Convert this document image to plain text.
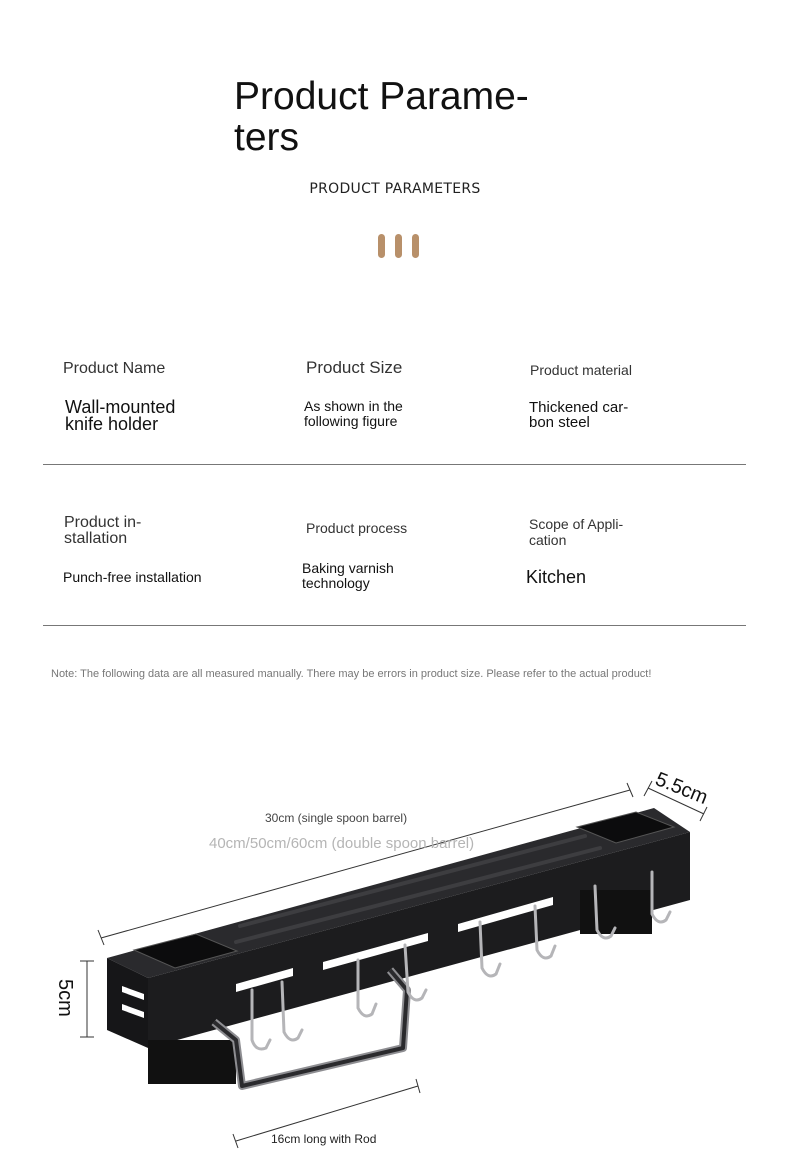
Product Parame-
ters
PRODUCT PARAMETERS
Product Name
Wall-mounted
knife holder
Product Size
As shown in the
following figure
Product material
Thickened car-
bon steel
Product in-
stallation
Punch-free installation
Product process
Baking varnish
technology
Scope of Appli-
cation
Kitchen
Note: The following data are all measured manually. There may be errors in product size. Please refer to the actual product!
30cm (single spoon barrel)
40cm/50cm/60cm (double spoon barrel)
5.5cm
5cm
16cm long with Rod
